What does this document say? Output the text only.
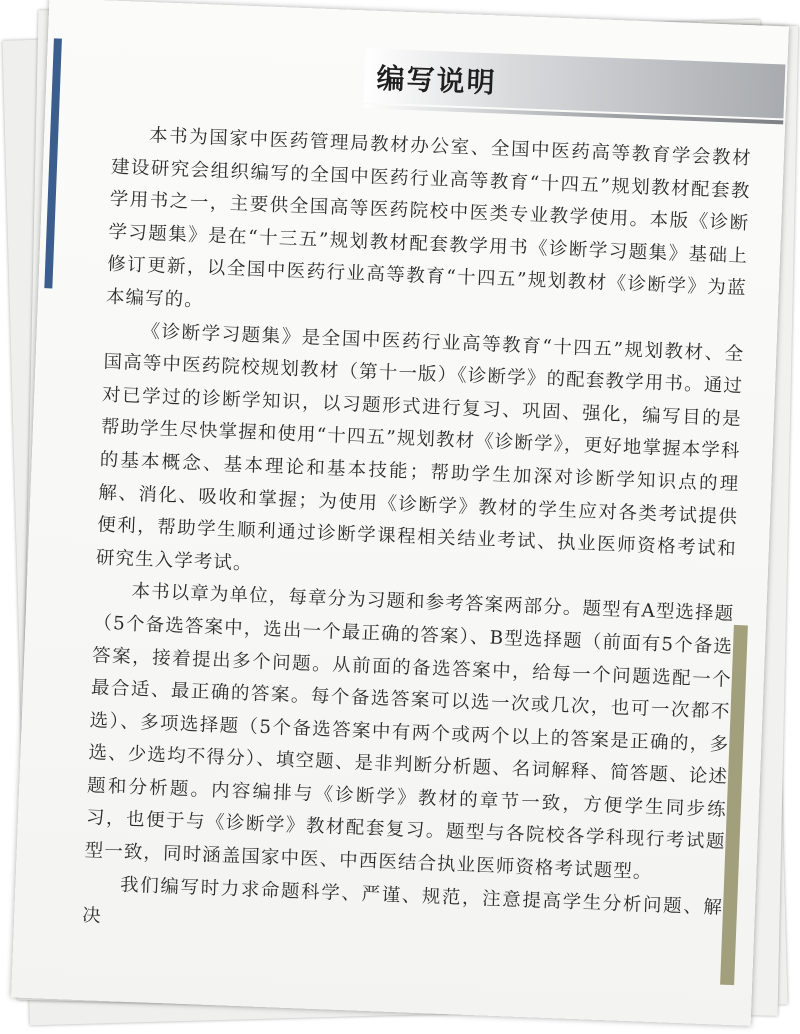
编写说明

本书为国家中医药管理局教材办公室、全国中医药高等教育学会教材建设研究会组织编写的全国中医药行业高等教育“十四五”规划教材配套教学用书之一，主要供全国高等医药院校中医类专业教学使用。本版《诊断学习题集》是在“十三五”规划教材配套教学用书《诊断学习题集》基础上修订更新，以全国中医药行业高等教育“十四五”规划教材《诊断学》为蓝本编写的。

《诊断学习题集》是全国中医药行业高等教育“十四五”规划教材、全国高等中医药院校规划教材（第十一版）《诊断学》的配套教学用书。通过对已学过的诊断学知识，以习题形式进行复习、巩固、强化，编写目的是帮助学生尽快掌握和使用“十四五”规划教材《诊断学》，更好地掌握本学科的基本概念、基本理论和基本技能；帮助学生加深对诊断学知识点的理解、消化、吸收和掌握；为使用《诊断学》教材的学生应对各类考试提供便利，帮助学生顺利通过诊断学课程相关结业考试、执业医师资格考试和研究生入学考试。

本书以章为单位，每章分为习题和参考答案两部分。题型有A型选择题（5个备选答案中，选出一个最正确的答案）、B型选择题（前面有5个备选答案，接着提出多个问题。从前面的备选答案中，给每一个问题选配一个最合适、最正确的答案。每个备选答案可以选一次或几次，也可一次都不选）、多项选择题（5个备选答案中有两个或两个以上的答案是正确的，多选、少选均不得分）、填空题、是非判断分析题、名词解释、简答题、论述题和分析题。内容编排与《诊断学》教材的章节一致，方便学生同步练习，也便于与《诊断学》教材配套复习。题型与各院校各学科现行考试题型一致，同时涵盖国家中医、中西医结合执业医师资格考试题型。

我们编写时力求命题科学、严谨、规范，注意提高学生分析问题、解决
